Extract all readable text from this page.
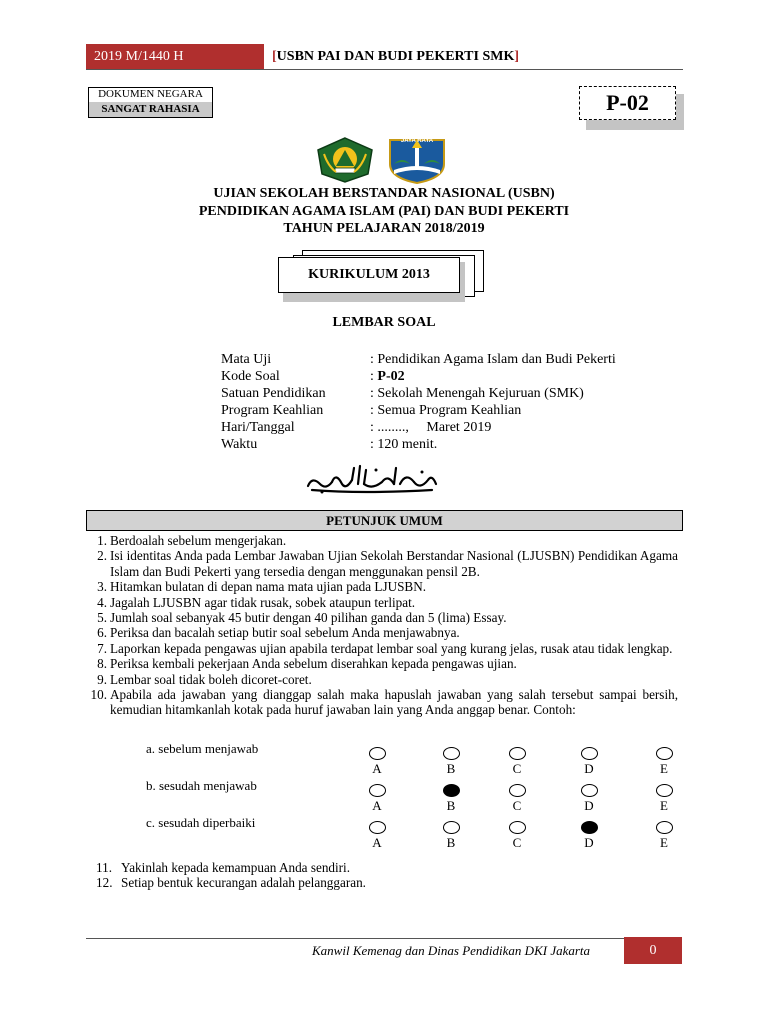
2019 M/1440 H	[USBN PAI DAN BUDI PEKERTI SMK]
DOKUMEN NEGARA
SANGAT RAHASIA	P-02
JAYA RAYA
UJIAN SEKOLAH BERSTANDAR NASIONAL (USBN)
PENDIDIKAN AGAMA ISLAM (PAI) DAN BUDI PEKERTI
TAHUN PELAJARAN 2018/2019
KURIKULUM 2013
LEMBAR SOAL
Mata Uji	: Pendidikan Agama Islam dan Budi Pekerti
Kode Soal	: P-02
Satuan Pendidikan	: Sekolah Menengah Kejuruan (SMK)
Program Keahlian	: Semua Program Keahlian
Hari/Tanggal	: ........,     Maret 2019
Waktu	: 120 menit.
PETUNJUK UMUM
1. Berdoalah sebelum mengerjakan.
2. Isi identitas Anda pada Lembar Jawaban Ujian Sekolah Berstandar Nasional (LJUSBN) Pendidikan Agama Islam dan Budi Pekerti yang tersedia dengan menggunakan pensil 2B.
3. Hitamkan bulatan di depan nama mata ujian pada LJUSBN.
4. Jagalah LJUSBN agar tidak rusak, sobek ataupun terlipat.
5. Jumlah soal sebanyak 45 butir dengan 40 pilihan ganda dan 5 (lima) Essay.
6. Periksa dan bacalah setiap butir soal sebelum Anda menjawabnya.
7. Laporkan kepada pengawas ujian apabila terdapat lembar soal yang kurang jelas, rusak atau tidak lengkap.
8. Periksa kembali pekerjaan Anda sebelum diserahkan kepada pengawas ujian.
9. Lembar soal tidak boleh dicoret-coret.
10. Apabila ada jawaban yang dianggap salah maka hapuslah jawaban yang salah tersebut sampai bersih, kemudian hitamkanlah kotak pada huruf jawaban lain yang Anda anggap benar. Contoh:
a. sebelum menjawab
A	B	C	D	E
b. sesudah menjawab
A	B	C	D	E
c. sesudah diperbaiki
A	B	C	D	E
11. Yakinlah kepada kemampuan Anda sendiri.
12. Setiap bentuk kecurangan adalah pelanggaran.
Kanwil Kemenag dan Dinas Pendidikan DKI Jakarta	0
